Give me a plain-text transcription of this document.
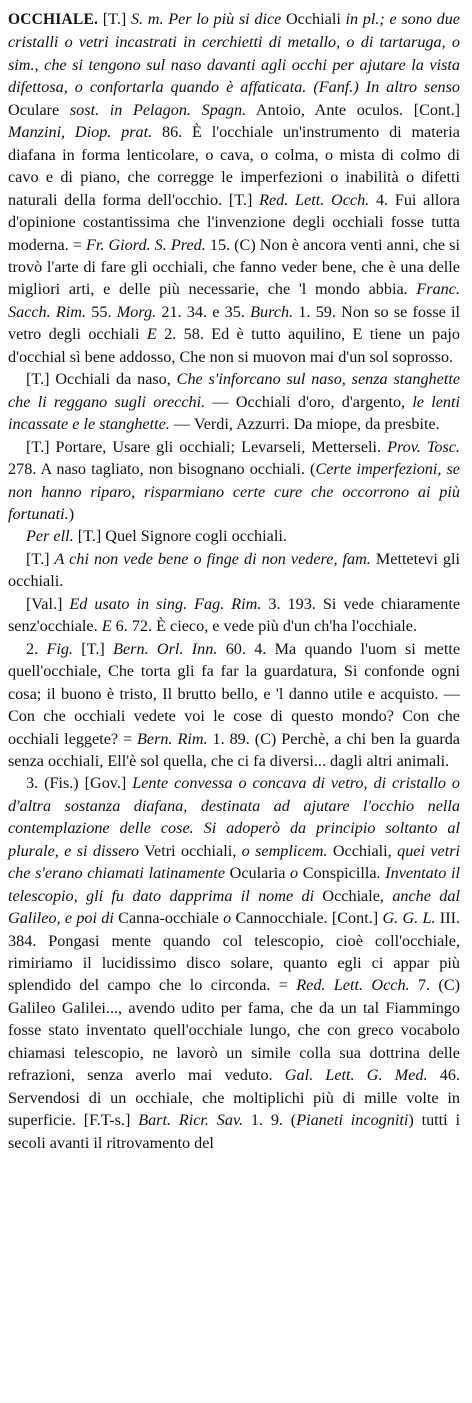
OCCHIALE. [T.] S. m. Per lo più si dice Occhiali in pl.; e sono due cristalli o vetri incastrati in cerchietti di metallo, o di tartaruga, o sim., che si tengono sul naso davanti agli occhi per ajutare la vista difettosa, o confortarla quando è affaticata. (Fanf.) In altro senso Oculare sost. in Pelagon. Spagn. Antoio, Ante oculos. [Cont.] Manzini, Diop. prat. 86. È l'occhiale un'instrumento di materia diafana in forma lenticolare, o cava, o colma, o mista di colmo di cavo e di piano, che corregge le imperfezioni o inabilità o difetti naturali della forma dell'occhio. [T.] Red. Lett. Occh. 4. Fui allora d'opinione costantissima che l'invenzione degli occhiali fosse tutta moderna. = Fr. Giord. S. Pred. 15. (C) Non è ancora venti anni, che si trovò l'arte di fare gli occhiali, che fanno veder bene, che è una delle migliori arti, e delle più necessarie, che 'l mondo abbia. Franc. Sacch. Rim. 55. Morg. 21. 34. e 35. Burch. 1. 59. Non so se fosse il vetro degli occhiali E 2. 58. Ed è tutto aquilino, E tiene un pajo d'occhial sì bene addosso, Che non si muovon mai d'un sol soprosso.

[T.] Occhiali da naso, Che s'inforcano sul naso, senza stanghette che li reggano sugli orecchi. — Occhiali d'oro, d'argento, le lenti incassate e le stanghette. — Verdi, Azzurri. Da miope, da presbite.

[T.] Portare, Usare gli occhiali; Levarseli, Metterseli. Prov. Tosc. 278. A naso tagliato, non bisognano occhiali. (Certe imperfezioni, se non hanno riparo, risparmiano certe cure che occorrono ai più fortunati.)

Per ell. [T.] Quel Signore cogli occhiali.

[T.] A chi non vede bene o finge di non vedere, fam. Mettetevi gli occhiali.

[Val.] Ed usato in sing. Fag. Rim. 3. 193. Si vede chiaramente senz'occhiale. E 6. 72. È cieco, e vede più d'un ch'ha l'occhiale.

2. Fig. [T.] Bern. Orl. Inn. 60. 4. Ma quando l'uom si mette quell'occhiale, Che torta gli fa far la guardatura, Si confonde ogni cosa; il buono è tristo, Il brutto bello, e 'l danno utile e acquisto. — Con che occhiali vedete voi le cose di questo mondo? Con che occhiali leggete? = Bern. Rim. 1. 89. (C) Perchè, a chi ben la guarda senza occhiali, Ell'è sol quella, che ci fa diversi... dagli altri animali.

3. (Fis.) [Gov.] Lente convessa o concava di vetro, di cristallo o d'altra sostanza diafana, destinata ad ajutare l'occhio nella contemplazione delle cose. Si adoperò da principio soltanto al plurale, e si dissero Vetri occhiali, o semplicem. Occhiali, quei vetri che s'erano chiamati latinamente Ocularia o Conspicilla. Inventato il telescopio, gli fu dato dapprima il nome di Occhiale, anche dal Galileo, e poi di Canna-occhiale o Cannocchiale. [Cont.] G. G. L. III. 384. Pongasi mente quando col telescopio, cioè coll'occhiale, rimiriamo il lucidissimo disco solare, quanto egli ci appar più splendido del campo che lo circonda. = Red. Lett. Occh. 7. (C) Galileo Galilei..., avendo udito per fama, che da un tal Fiammingo fosse stato inventato quell'occhiale lungo, che con greco vocabolo chiamasi telescopio, ne lavorò un simile colla sua dottrina delle refrazioni, senza averlo mai veduto. Gal. Lett. G. Med. 46. Servendosi di un occhiale, che moltiplichi più di mille volte in superficie. [F.T-s.] Bart. Ricr. Sav. 1. 9. (Pianeti incogniti) tutti i secoli avanti il ritrovamento del
